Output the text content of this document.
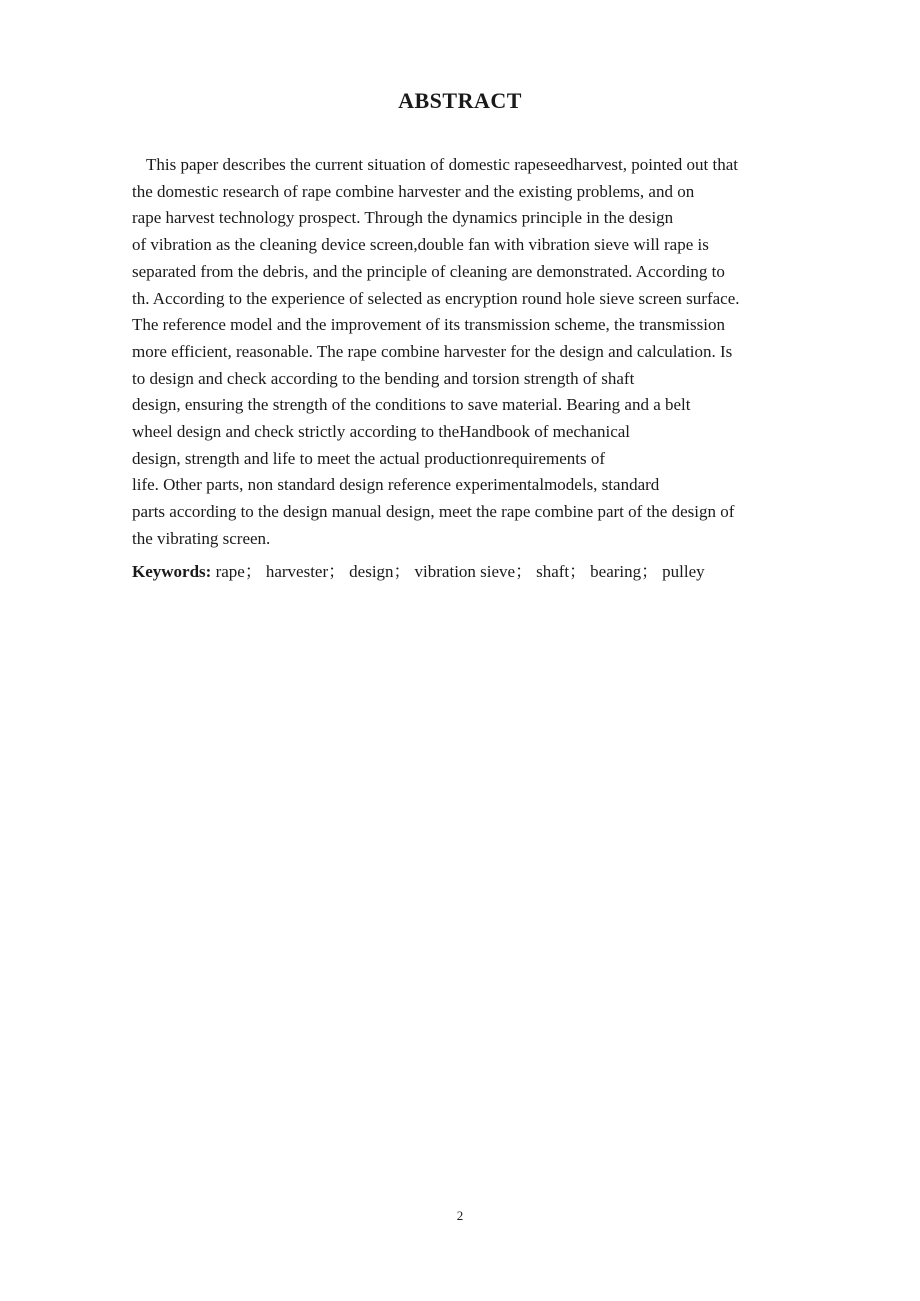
ABSTRACT
This paper describes the current situation of domestic rapeseedharvest, pointed out that
the domestic research of rape combine harvester and the existing problems, and on
rape harvest technology prospect. Through the dynamics principle in the design
of vibration as the cleaning device screen,double fan with vibration sieve will rape is
separated from the debris, and the principle of cleaning are demonstrated. According to
th. According to the experience of selected as encryption round hole sieve screen surface.
The reference model and the improvement of its transmission scheme, the transmission
more efficient, reasonable. The rape combine harvester for the design and calculation. Is
to design and check according to the bending and torsion strength of shaft
design, ensuring the strength of the conditions to save material. Bearing and a belt
wheel design and check strictly according to theHandbook of mechanical
design, strength and life to meet the actual productionrequirements of
life. Other parts, non standard design reference experimentalmodels, standard
parts according to the design manual design, meet the rape combine part of the design of
the vibrating screen.
Keywords: rape； harvester； design； vibration sieve； shaft； bearing； pulley
2
